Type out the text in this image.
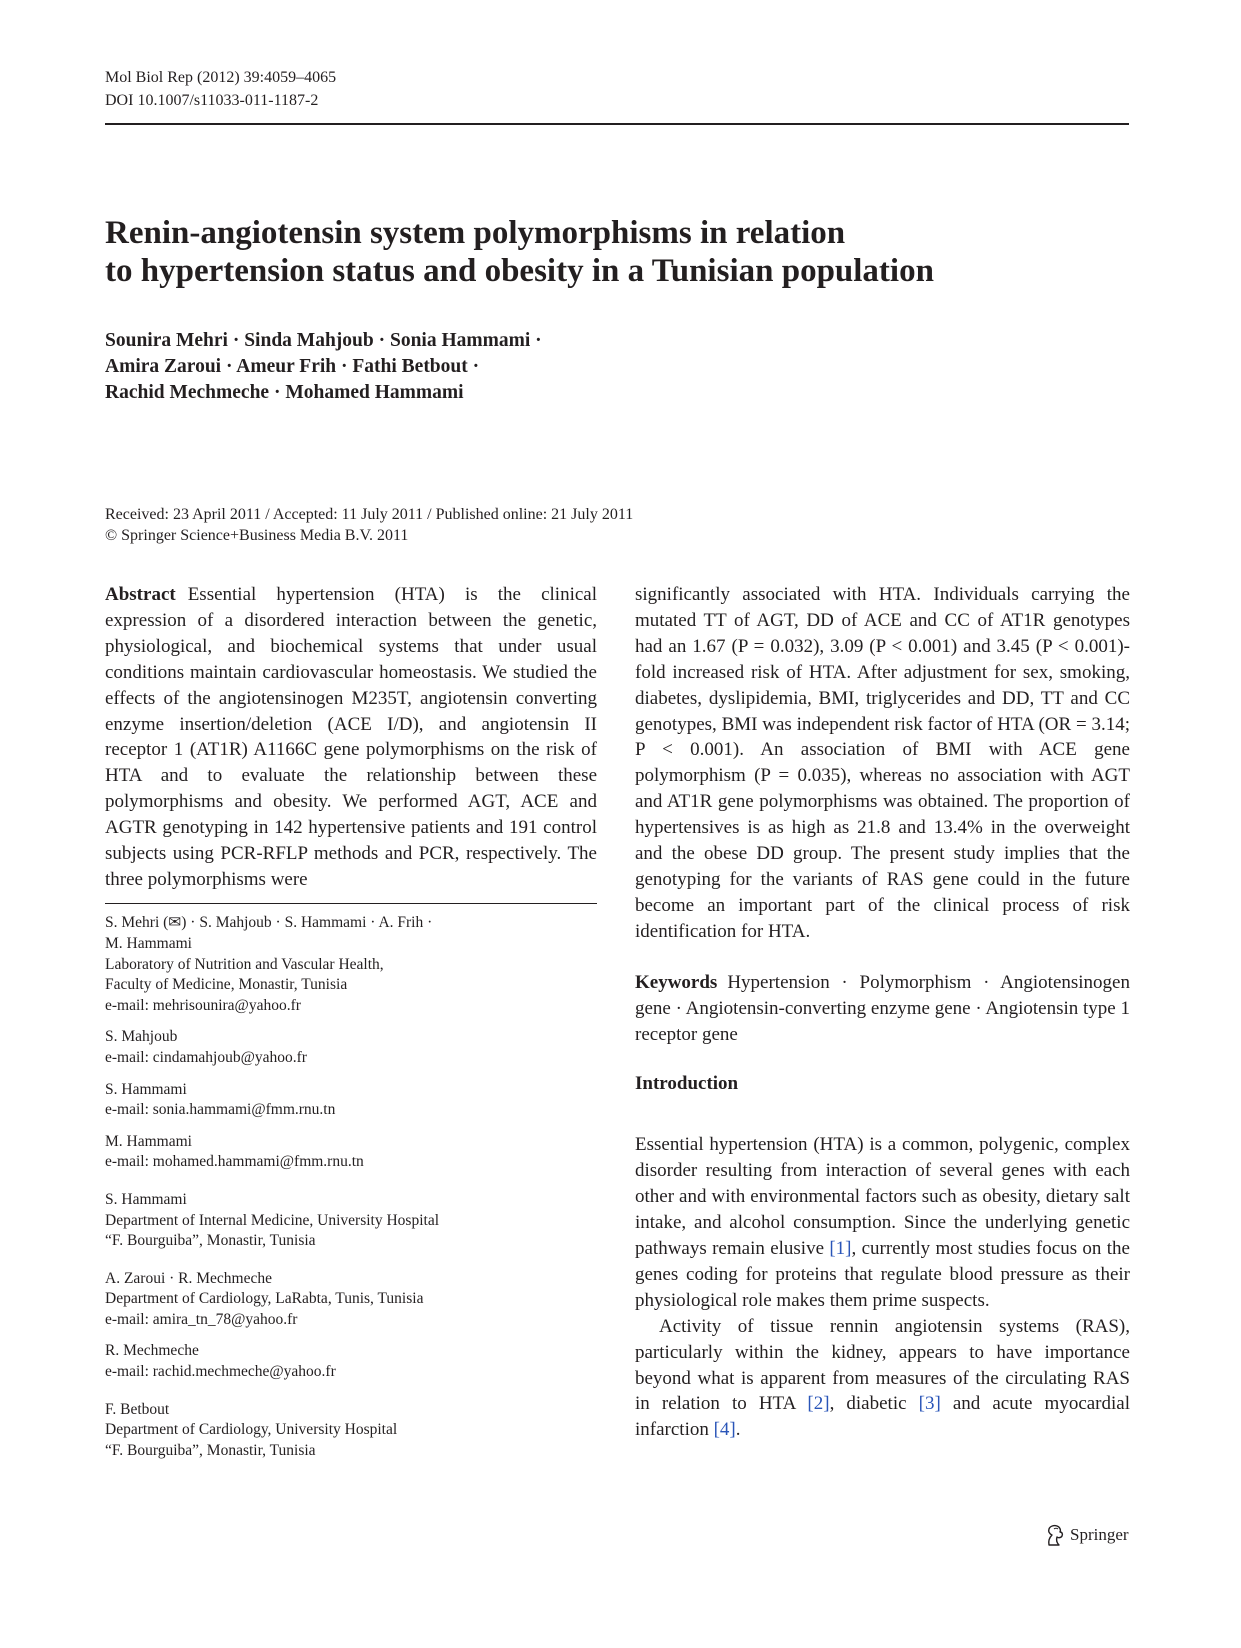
Mol Biol Rep (2012) 39:4059–4065
DOI 10.1007/s11033-011-1187-2
Renin-angiotensin system polymorphisms in relation
to hypertension status and obesity in a Tunisian population
Sounira Mehri · Sinda Mahjoub · Sonia Hammami ·
Amira Zaroui · Ameur Frih · Fathi Betbout ·
Rachid Mechmeche · Mohamed Hammami
Received: 23 April 2011 / Accepted: 11 July 2011 / Published online: 21 July 2011
© Springer Science+Business Media B.V. 2011

Abstract Essential hypertension (HTA) is the clinical expression of a disordered interaction between the genetic, physiological, and biochemical systems that under usual conditions maintain cardiovascular homeostasis. We studied the effects of the angiotensinogen M235T, angiotensin converting enzyme insertion/deletion (ACE I/D), and angiotensin II receptor 1 (AT1R) A1166C gene polymorphisms on the risk of HTA and to evaluate the relationship between these polymorphisms and obesity. We performed AGT, ACE and AGTR genotyping in 142 hypertensive patients and 191 control subjects using PCR-RFLP methods and PCR, respectively. The three polymorphisms were

S. Mehri (✉) · S. Mahjoub · S. Hammami · A. Frih ·
M. Hammami
Laboratory of Nutrition and Vascular Health,
Faculty of Medicine, Monastir, Tunisia
e-mail: mehrisounira@yahoo.fr
S. Mahjoub
e-mail: cindamahjoub@yahoo.fr
S. Hammami
e-mail: sonia.hammami@fmm.rnu.tn
M. Hammami
e-mail: mohamed.hammami@fmm.rnu.tn
S. Hammami
Department of Internal Medicine, University Hospital
“F. Bourguiba”, Monastir, Tunisia
A. Zaroui · R. Mechmeche
Department of Cardiology, LaRabta, Tunis, Tunisia
e-mail: amira_tn_78@yahoo.fr
R. Mechmeche
e-mail: rachid.mechmeche@yahoo.fr
F. Betbout
Department of Cardiology, University Hospital
“F. Bourguiba”, Monastir, Tunisia

significantly associated with HTA. Individuals carrying the mutated TT of AGT, DD of ACE and CC of AT1R genotypes had an 1.67 (P = 0.032), 3.09 (P < 0.001) and 3.45 (P < 0.001)-fold increased risk of HTA. After adjustment for sex, smoking, diabetes, dyslipidemia, BMI, triglycerides and DD, TT and CC genotypes, BMI was independent risk factor of HTA (OR = 3.14; P < 0.001). An association of BMI with ACE gene polymorphism (P = 0.035), whereas no association with AGT and AT1R gene polymorphisms was obtained. The proportion of hypertensives is as high as 21.8 and 13.4% in the overweight and the obese DD group. The present study implies that the genotyping for the variants of RAS gene could in the future become an important part of the clinical process of risk identification for HTA.

Keywords Hypertension · Polymorphism · Angiotensinogen gene · Angiotensin-converting enzyme gene · Angiotensin type 1 receptor gene

Introduction

Essential hypertension (HTA) is a common, polygenic, complex disorder resulting from interaction of several genes with each other and with environmental factors such as obesity, dietary salt intake, and alcohol consumption. Since the underlying genetic pathways remain elusive [1], currently most studies focus on the genes coding for proteins that regulate blood pressure as their physiological role makes them prime suspects.

Activity of tissue rennin angiotensin systems (RAS), particularly within the kidney, appears to have importance beyond what is apparent from measures of the circulating RAS in relation to HTA [2], diabetic [3] and acute myocardial infarction [4].

Springer
